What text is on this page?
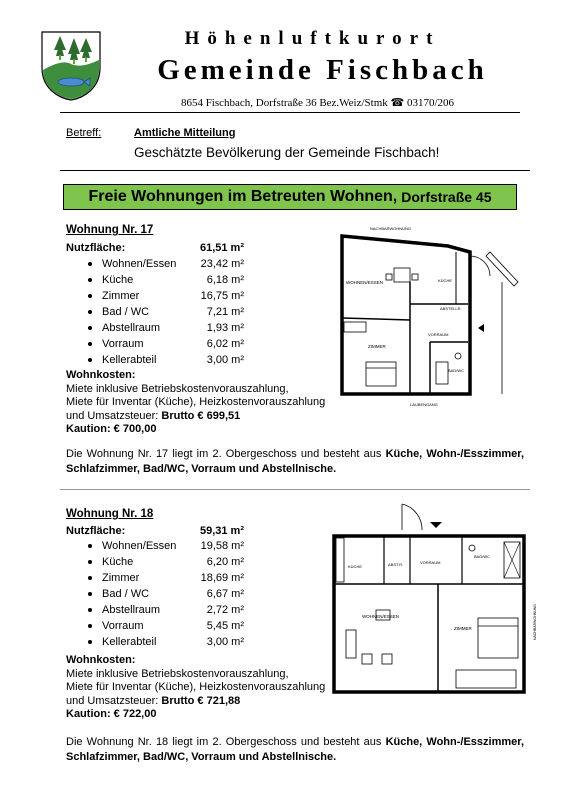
Höhenluftkurort
Gemeinde Fischbach
8654 Fischbach, Dorfstraße 36 Bez.Weiz/Stmk ☎ 03170/206
Betreff:	Amtliche Mitteilung
Geschätzte Bevölkerung der Gemeinde Fischbach!
Freie Wohnungen im Betreuten Wohnen, Dorfstraße 45
Wohnung Nr. 17
Nutzfläche:	61,51 m²
Wohnen/Essen	23,42 m²
Küche	6,18 m²
Zimmer	16,75 m²
Bad / WC	7,21 m²
Abstellraum	1,93 m²
Vorraum	6,02 m²
Kellerabteil	3,00 m²
Wohnkosten:
Miete inklusive Betriebskostenvorauszahlung,
Miete für Inventar (Küche), Heizkostenvorauszahlung
und Umsatzsteuer: Brutto € 699,51
Kaution: € 700,00
Die Wohnung Nr. 17 liegt im 2. Obergeschoss und besteht aus Küche, Wohn-/Esszimmer, Schlafzimmer, Bad/WC, Vorraum und Abstellnische.
NACHBARWOHNUNG
WOHNEN/ESSEN	KÜCHE
ABSTELLR.
VORRAUM
ZIMMER
BAD/WC
LAUBENGANG
Wohnung Nr. 18
Nutzfläche:	59,31 m²
Wohnen/Essen	19,58 m²
Küche	6,20 m²
Zimmer	18,69 m²
Bad / WC	6,67 m²
Abstellraum	2,72 m²
Vorraum	5,45 m²
Kellerabteil	3,00 m²
Wohnkosten:
Miete inklusive Betriebskostenvorauszahlung,
Miete für Inventar (Küche), Heizkostenvorauszahlung
und Umsatzsteuer: Brutto € 721,88
Kaution: € 722,00
Die Wohnung Nr. 18 liegt im 2. Obergeschoss und besteht aus Küche, Wohn-/Esszimmer, Schlafzimmer, Bad/WC, Vorraum und Abstellnische.
KÜCHE	ABST.R.	VORRAUM
BAD/WC
WOHNEN/ESSEN
ZIMMER	NACHBARWOHNUNG
